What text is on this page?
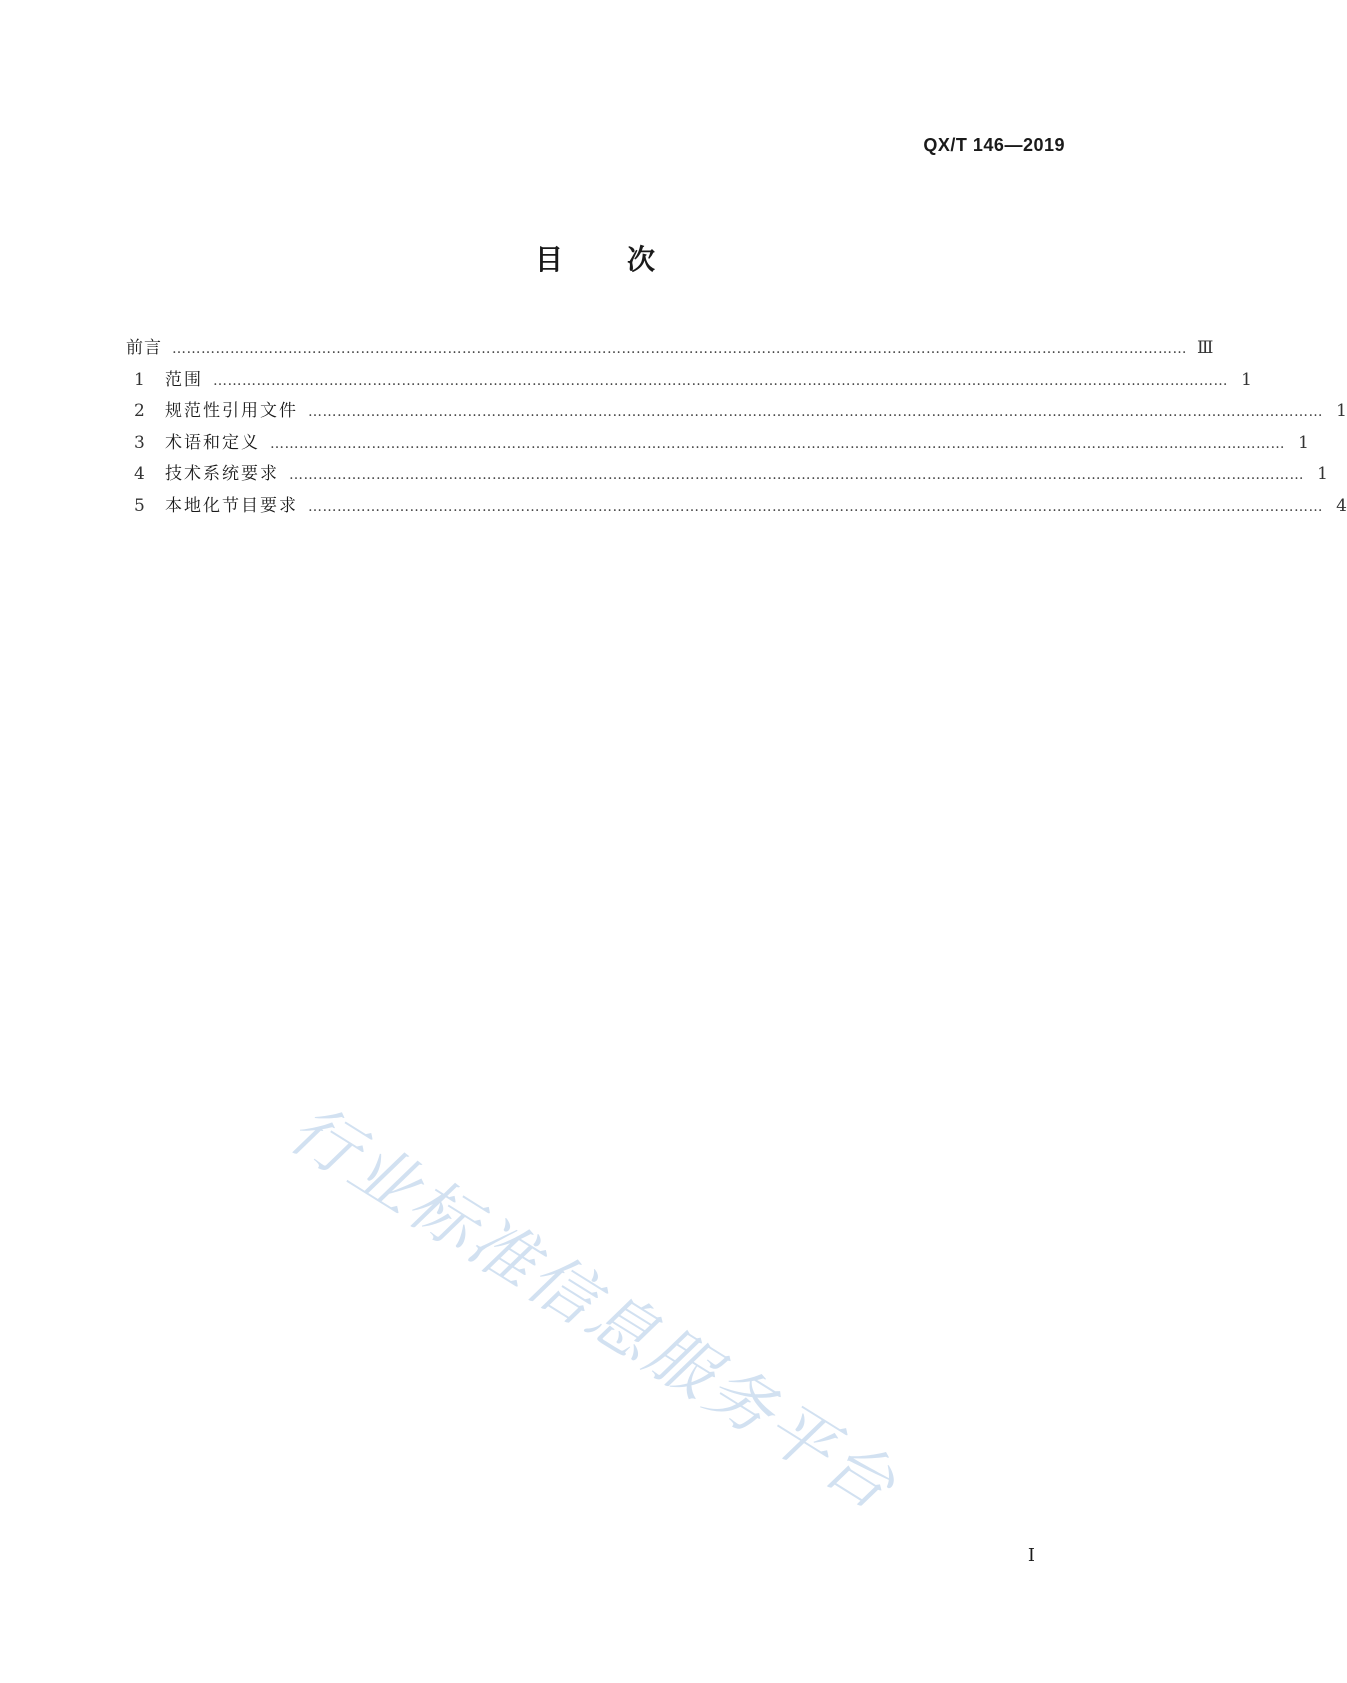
QX/T 146—2019
目 次
前言 ………………………………………………………………………………………………………………………………………………………………………………………… Ⅲ
1	范围 ………………………………………………………………………………………………………………………………………………………………………………………… 1
2	规范性引用文件 ………………………………………………………………………………………………………………………………………………………………………………………… 1
3	术语和定义 ………………………………………………………………………………………………………………………………………………………………………………………… 1
4	技术系统要求 ………………………………………………………………………………………………………………………………………………………………………………………… 1
5	本地化节目要求 ………………………………………………………………………………………………………………………………………………………………………………………… 4
行业标准信息服务平台
I
